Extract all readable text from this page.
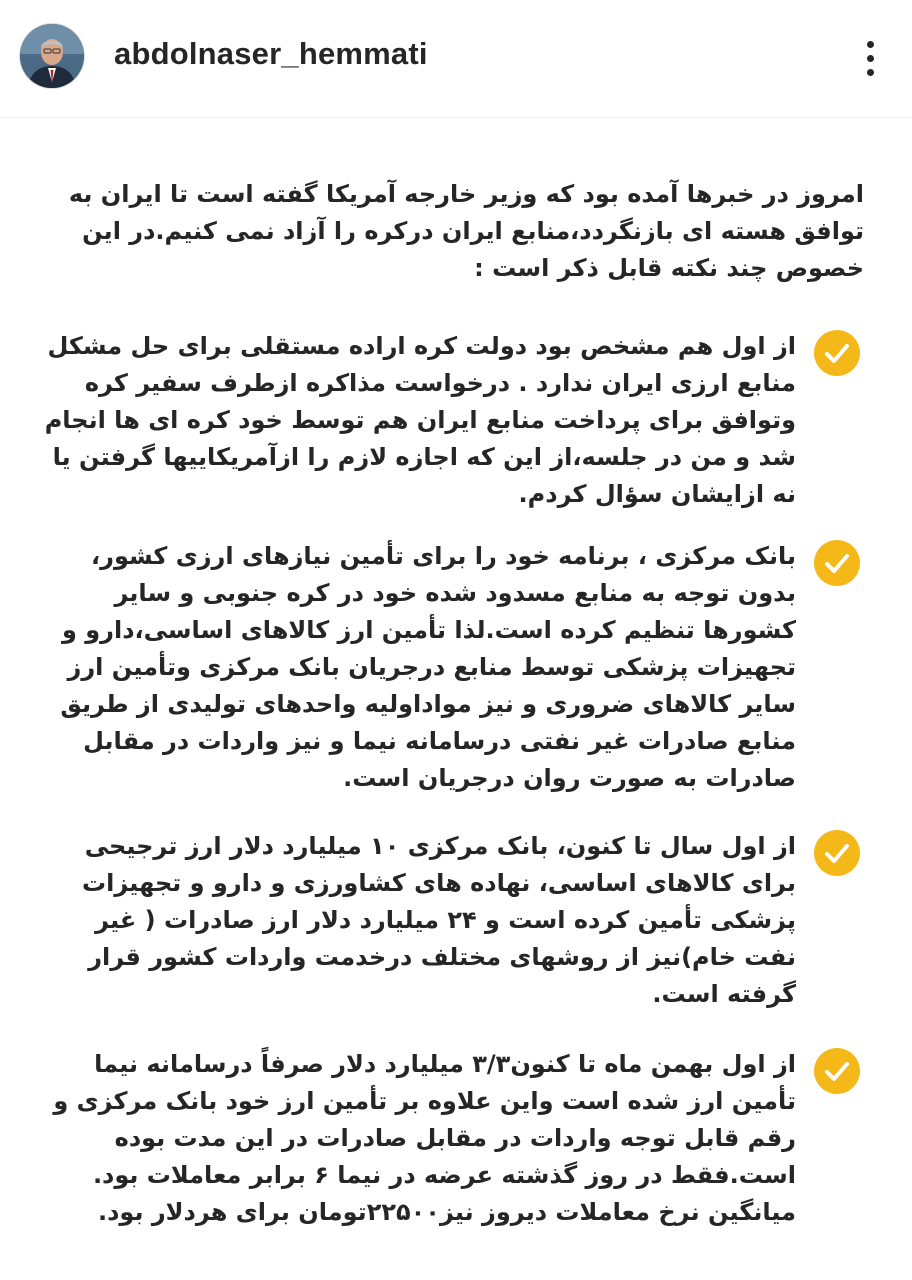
abdolnaser_hemmati
امروز در خبرها آمده بود که وزیر خارجه آمریکا گفته است تا ایران به توافق هسته ای بازنگردد،منابع ایران درکره را آزاد نمی کنیم.در این خصوص چند نکته قابل ذکر است :
از اول هم مشخص بود دولت کره اراده مستقلی برای حل مشکل منابع ارزی ایران ندارد . درخواست مذاکره ازطرف سفیر کره وتوافق برای پرداخت منابع ایران هم توسط خود کره ای ها انجام شد و من در جلسه،از این که اجازه لازم را ازآمریکاییها گرفتن یا نه ازایشان سؤال کردم.
بانک مرکزی ، برنامه خود را برای تأمین نیازهای ارزی کشور، بدون توجه به منابع مسدود شده خود در کره جنوبی و سایر کشورها تنظیم کرده است.لذا تأمین ارز کالاهای اساسی،دارو و تجهیزات پزشکی توسط منابع درجریان بانک مرکزی وتأمین ارز سایر کالاهای ضروری و نیز مواداولیه واحدهای تولیدی از طریق منابع صادرات غیر نفتی درسامانه نیما و نیز واردات در مقابل صادرات به صورت روان درجریان است.
از اول سال تا کنون، بانک مرکزی ۱۰ میلیارد دلار ارز ترجیحی برای کالاهای اساسی، نهاده های کشاورزی و دارو و تجهیزات پزشکی تأمین کرده است و ۲۴ میلیارد دلار ارز صادرات ( غیر نفت خام)نیز از روشهای مختلف درخدمت واردات کشور قرار گرفته است.
از اول بهمن ماه تا کنون۳/۳ میلیارد دلار صرفاً درسامانه نیما تأمین ارز شده است واین علاوه بر تأمین ارز خود بانک مرکزی و رقم قابل توجه واردات در مقابل صادرات در این مدت بوده است.فقط در روز گذشته عرضه در نیما ۶ برابر معاملات بود. میانگین نرخ معاملات دیروز نیز۲۲۵۰۰تومان برای هردلار بود.
